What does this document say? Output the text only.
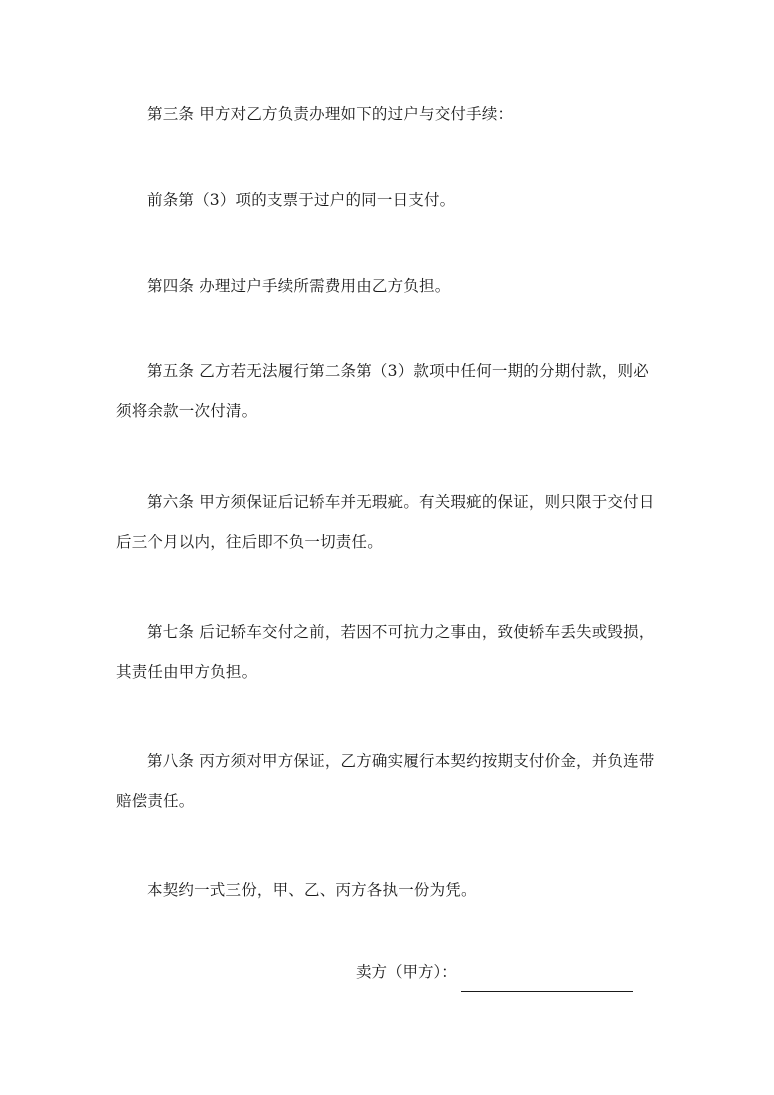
第三条 甲方对乙方负责办理如下的过户与交付手续：

前条第（3）项的支票于过户的同一日支付。

第四条 办理过户手续所需费用由乙方负担。

第五条 乙方若无法履行第二条第（3）款项中任何一期的分期付款，则必须将余款一次付清。

第六条 甲方须保证后记轿车并无瑕疵。有关瑕疵的保证，则只限于交付日后三个月以内，往后即不负一切责任。

第七条 后记轿车交付之前，若因不可抗力之事由，致使轿车丢失或毁损，其责任由甲方负担。

第八条 丙方须对甲方保证，乙方确实履行本契约按期支付价金，并负连带赔偿责任。

本契约一式三份，甲、乙、丙方各执一份为凭。

卖方（甲方）：
